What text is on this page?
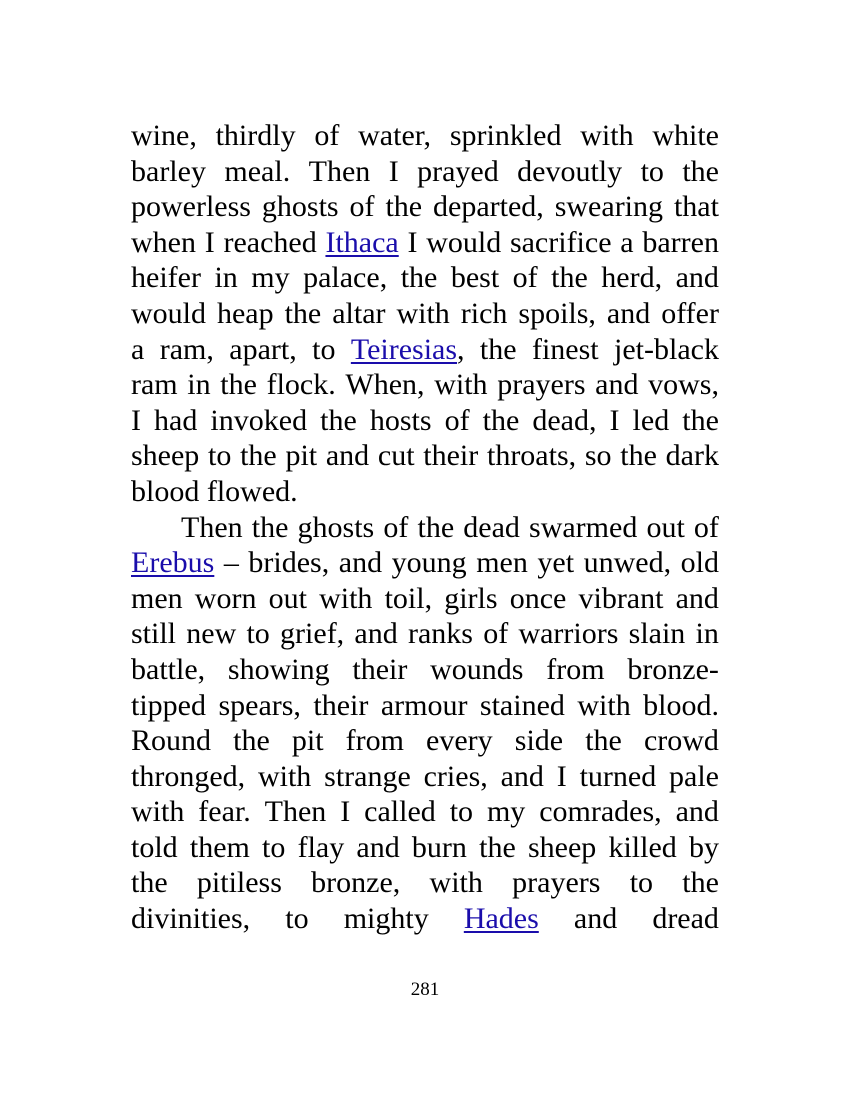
wine, thirdly of water, sprinkled with white
barley meal. Then I prayed devoutly to the
powerless ghosts of the departed, swearing that
when I reached Ithaca I would sacrifice a barren
heifer in my palace, the best of the herd, and
would heap the altar with rich spoils, and offer
a ram, apart, to Teiresias, the finest jet-black
ram in the flock. When, with prayers and vows,
I had invoked the hosts of the dead, I led the
sheep to the pit and cut their throats, so the dark
blood flowed.
Then the ghosts of the dead swarmed out of
Erebus – brides, and young men yet unwed, old
men worn out with toil, girls once vibrant and
still new to grief, and ranks of warriors slain in
battle, showing their wounds from bronze-
tipped spears, their armour stained with blood.
Round the pit from every side the crowd
thronged, with strange cries, and I turned pale
with fear. Then I called to my comrades, and
told them to flay and burn the sheep killed by
the pitiless bronze, with prayers to the
divinities, to mighty Hades and dread
281
